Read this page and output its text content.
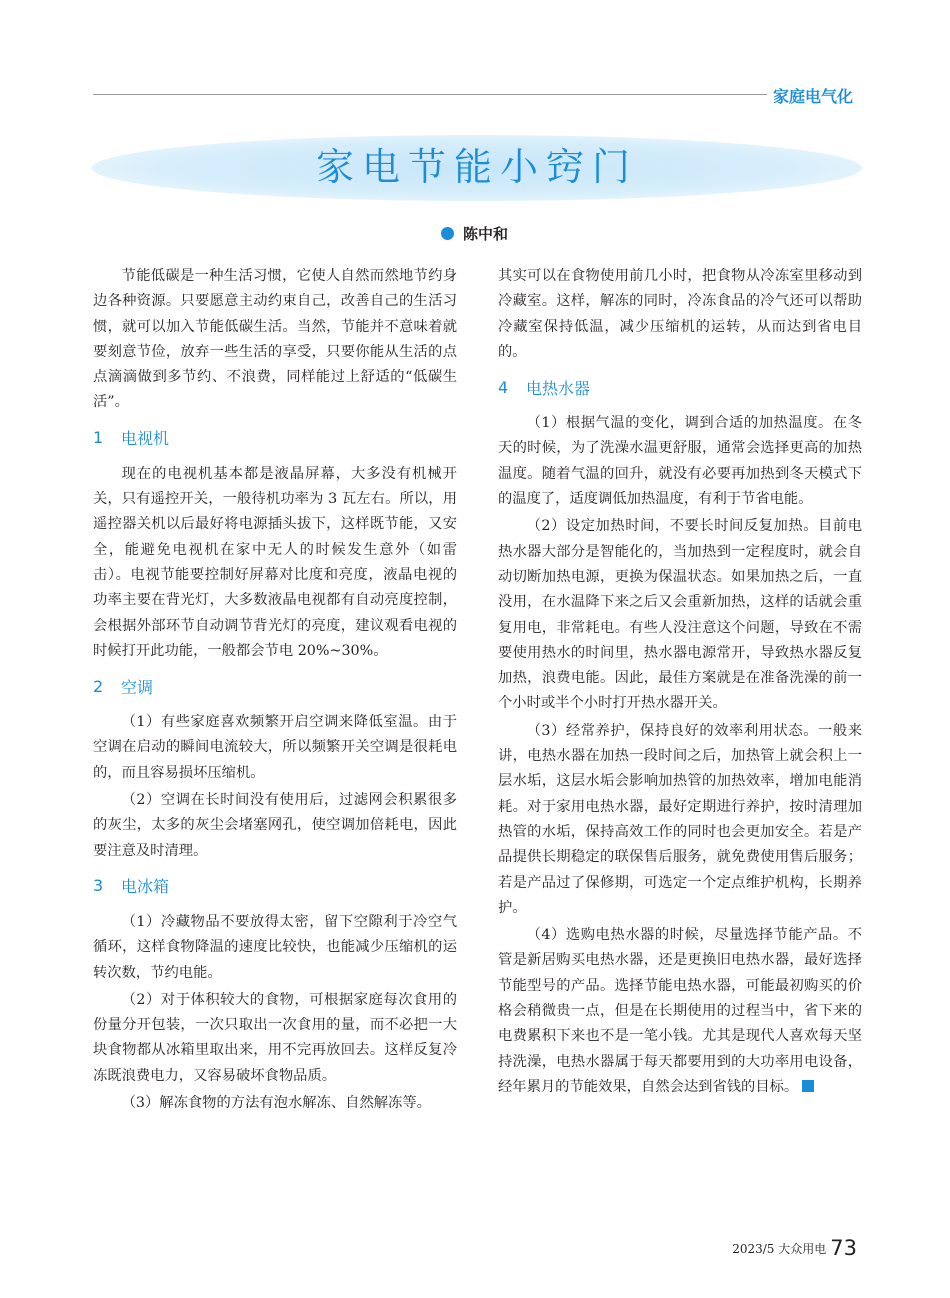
家庭电气化
家电节能小窍门
陈中和

节能低碳是一种生活习惯，它使人自然而然地节约身边各种资源。只要愿意主动约束自己，改善自己的生活习惯，就可以加入节能低碳生活。当然，节能并不意味着就要刻意节俭，放弃一些生活的享受，只要你能从生活的点点滴滴做到多节约、不浪费，同样能过上舒适的“低碳生活”。

1	电视机

现在的电视机基本都是液晶屏幕，大多没有机械开关，只有遥控开关，一般待机功率为 3 瓦左右。所以，用遥控器关机以后最好将电源插头拔下，这样既节能，又安全，能避免电视机在家中无人的时候发生意外（如雷击）。电视节能要控制好屏幕对比度和亮度，液晶电视的功率主要在背光灯，大多数液晶电视都有自动亮度控制，会根据外部环节自动调节背光灯的亮度，建议观看电视的时候打开此功能，一般都会节电 20%~30%。

2	空调

（1）有些家庭喜欢频繁开启空调来降低室温。由于空调在启动的瞬间电流较大，所以频繁开关空调是很耗电的，而且容易损坏压缩机。

（2）空调在长时间没有使用后，过滤网会积累很多的灰尘，太多的灰尘会堵塞网孔，使空调加倍耗电，因此要注意及时清理。

3	电冰箱

（1）冷藏物品不要放得太密，留下空隙利于冷空气循环，这样食物降温的速度比较快，也能减少压缩机的运转次数，节约电能。

（2）对于体积较大的食物，可根据家庭每次食用的份量分开包装，一次只取出一次食用的量，而不必把一大块食物都从冰箱里取出来，用不完再放回去。这样反复冷冻既浪费电力，又容易破坏食物品质。

（3）解冻食物的方法有泡水解冻、自然解冻等。

其实可以在食物使用前几小时，把食物从冷冻室里移动到冷藏室。这样，解冻的同时，冷冻食品的冷气还可以帮助冷藏室保持低温，减少压缩机的运转，从而达到省电目的。

4	电热水器

（1）根据气温的变化，调到合适的加热温度。在冬天的时候，为了洗澡水温更舒服，通常会选择更高的加热温度。随着气温的回升，就没有必要再加热到冬天模式下的温度了，适度调低加热温度，有利于节省电能。

（2）设定加热时间，不要长时间反复加热。目前电热水器大部分是智能化的，当加热到一定程度时，就会自动切断加热电源，更换为保温状态。如果加热之后，一直没用，在水温降下来之后又会重新加热，这样的话就会重复用电，非常耗电。有些人没注意这个问题，导致在不需要使用热水的时间里，热水器电源常开，导致热水器反复加热，浪费电能。因此，最佳方案就是在准备洗澡的前一个小时或半个小时打开热水器开关。

（3）经常养护，保持良好的效率利用状态。一般来讲，电热水器在加热一段时间之后，加热管上就会积上一层水垢，这层水垢会影响加热管的加热效率，增加电能消耗。对于家用电热水器，最好定期进行养护，按时清理加热管的水垢，保持高效工作的同时也会更加安全。若是产品提供长期稳定的联保售后服务，就免费使用售后服务；若是产品过了保修期，可选定一个定点维护机构，长期养护。

（4）选购电热水器的时候，尽量选择节能产品。不管是新居购买电热水器，还是更换旧电热水器，最好选择节能型号的产品。选择节能电热水器，可能最初购买的价格会稍微贵一点，但是在长期使用的过程当中，省下来的电费累积下来也不是一笔小钱。尤其是现代人喜欢每天坚持洗澡，电热水器属于每天都要用到的大功率用电设备，经年累月的节能效果，自然会达到省钱的目标。

2023/5 大众用电 73
